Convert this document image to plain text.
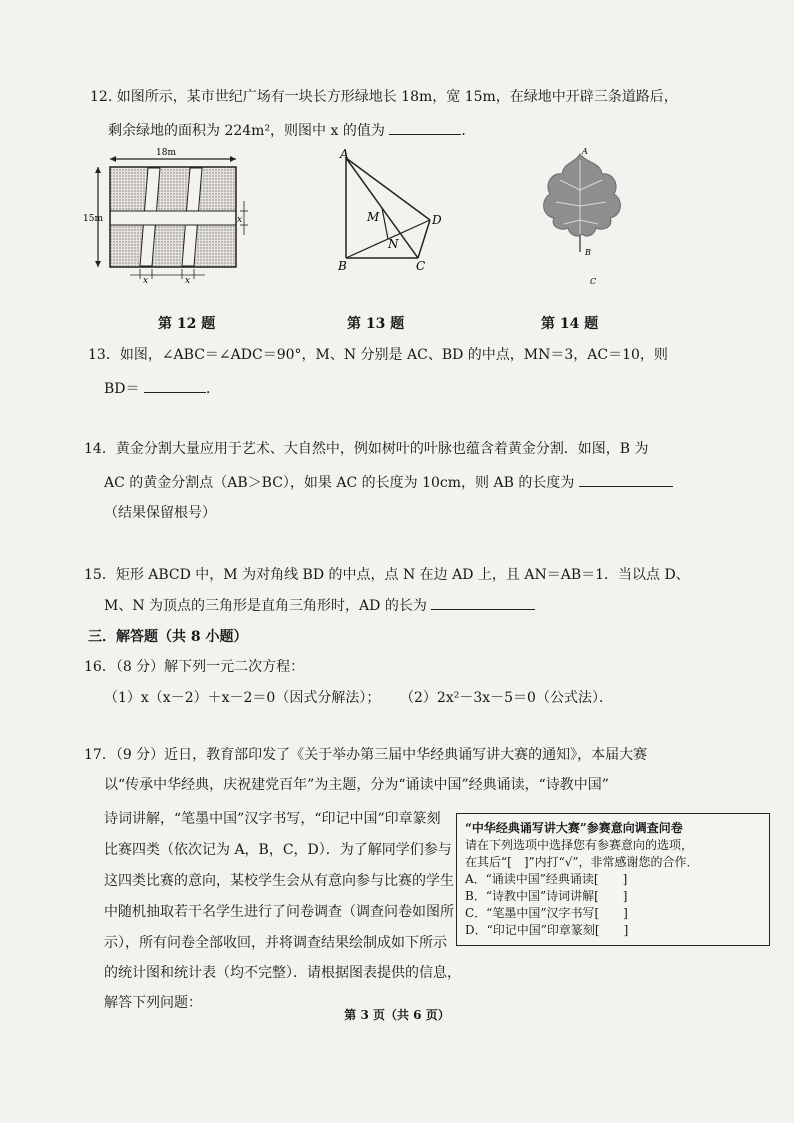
12. 如图所示，某市世纪广场有一块长方形绿地长 18m，宽 15m，在绿地中开辟三条道路后，
剩余绿地的面积为 224m²，则图中 x 的值为	．
18m
15m	x
x	x
A
B	C
D
M
N
A
B
C
第 12 题	第 13 题	第 14 题
13．如图，∠ABC＝∠ADC＝90°，M、N 分别是 AC、BD 的中点，MN＝3，AC＝10，则
BD＝	．
14．黄金分割大量应用于艺术、大自然中，例如树叶的叶脉也蕴含着黄金分割．如图，B 为
AC 的黄金分割点（AB＞BC），如果 AC 的长度为 10cm，则 AB 的长度为
（结果保留根号）
15．矩形 ABCD 中，M 为对角线 BD 的中点，点 N 在边 AD 上，且 AN＝AB＝1．当以点 D、
M、N 为顶点的三角形是直角三角形时，AD 的长为
三．解答题（共 8 小题）
16．（8 分）解下列一元二次方程：
（1）x（x－2）＋x－2＝0（因式分解法）； （2）2x²－3x－5＝0（公式法）．
17．（9 分）近日，教育部印发了《关于举办第三届中华经典诵写讲大赛的通知》，本届大赛
以“传承中华经典，庆祝建党百年”为主题，分为“诵读中国”经典诵读，“诗教中国”
诗词讲解，“笔墨中国”汉字书写，“印记中国”印章篆刻
比赛四类（依次记为 A，B，C，D）．为了解同学们参与
这四类比赛的意向，某校学生会从有意向参与比赛的学生
中随机抽取若干名学生进行了问卷调查（调查问卷如图所
示），所有问卷全部收回，并将调查结果绘制成如下所示
的统计图和统计表（均不完整）．请根据图表提供的信息，
解答下列问题：
“中华经典诵写讲大赛”参赛意向调查问卷
请在下列选项中选择您有参赛意向的选项，
在其后“[　]”内打“√”，非常感谢您的合作．
A．“诵读中国”经典诵读[　　]
B．“诗教中国”诗词讲解[　　]
C．“笔墨中国”汉字书写[　　]
D．“印记中国”印章篆刻[　　]
第 3 页（共 6 页）
